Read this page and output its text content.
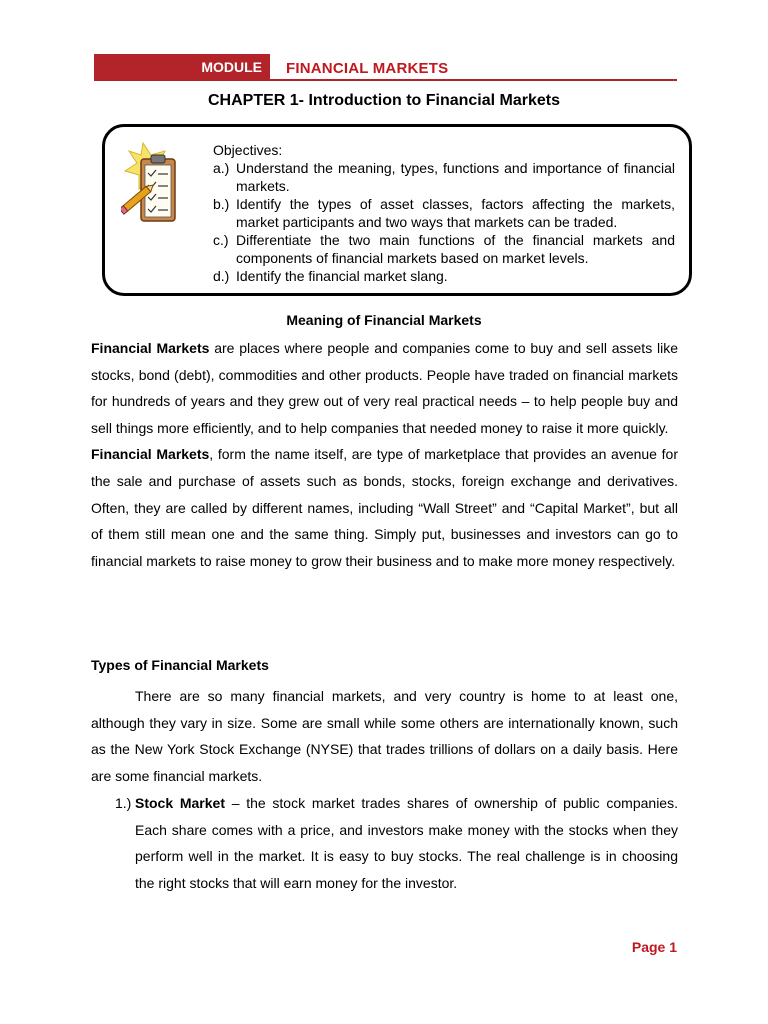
MODULE	FINANCIAL MARKETS
CHAPTER 1- Introduction to Financial Markets
Objectives:
a.) Understand the meaning, types, functions and importance of financial markets.
b.) Identify the types of asset classes, factors affecting the markets, market participants and two ways that markets can be traded.
c.) Differentiate the two main functions of the financial markets and components of financial markets based on market levels.
d.) Identify the financial market slang.
Meaning of Financial Markets

Financial Markets are places where people and companies come to buy and sell assets like stocks, bond (debt), commodities and other products. People have traded on financial markets for hundreds of years and they grew out of very real practical needs – to help people buy and sell things more efficiently, and to help companies that needed money to raise it more quickly.

Financial Markets, form the name itself, are type of marketplace that provides an avenue for the sale and purchase of assets such as bonds, stocks, foreign exchange and derivatives. Often, they are called by different names, including “Wall Street” and “Capital Market”, but all of them still mean one and the same thing. Simply put, businesses and investors can go to financial markets to raise money to grow their business and to make more money respectively.

Types of Financial Markets

There are so many financial markets, and very country is home to at least one, although they vary in size. Some are small while some others are internationally known, such as the New York Stock Exchange (NYSE) that trades trillions of dollars on a daily basis. Here are some financial markets.

1.) Stock Market – the stock market trades shares of ownership of public companies. Each share comes with a price, and investors make money with the stocks when they perform well in the market. It is easy to buy stocks. The real challenge is in choosing the right stocks that will earn money for the investor.
Page 1
